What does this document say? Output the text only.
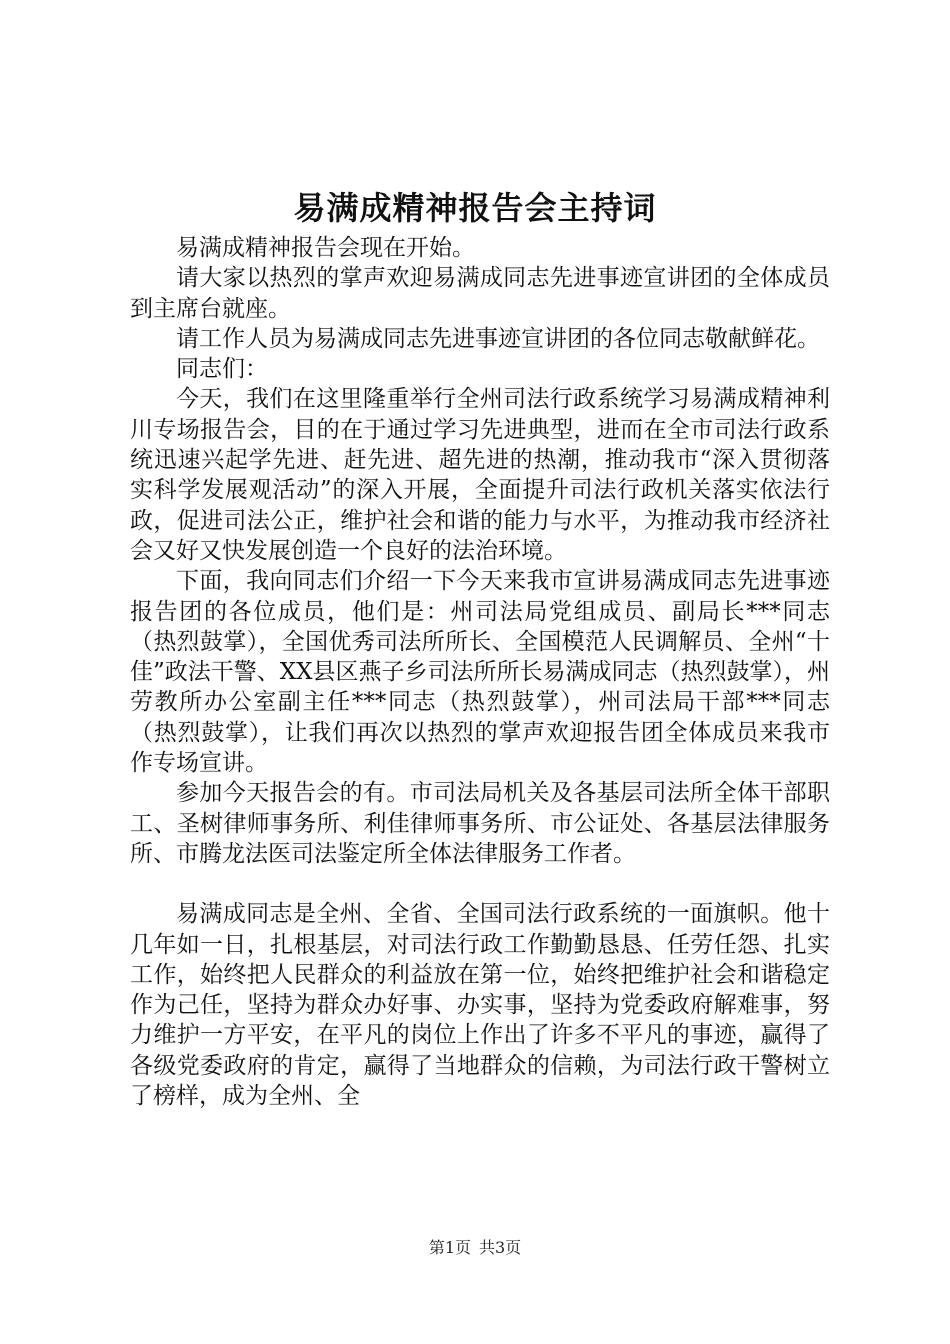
易满成精神报告会主持词

易满成精神报告会现在开始。

请大家以热烈的掌声欢迎易满成同志先进事迹宣讲团的全体成员到主席台就座。

请工作人员为易满成同志先进事迹宣讲团的各位同志敬献鲜花。

同志们：

今天，我们在这里隆重举行全州司法行政系统学习易满成精神利川专场报告会，目的在于通过学习先进典型，进而在全市司法行政系统迅速兴起学先进、赶先进、超先进的热潮，推动我市“深入贯彻落实科学发展观活动”的深入开展，全面提升司法行政机关落实依法行政，促进司法公正，维护社会和谐的能力与水平，为推动我市经济社会又好又快发展创造一个良好的法治环境。

下面，我向同志们介绍一下今天来我市宣讲易满成同志先进事迹报告团的各位成员，他们是：州司法局党组成员、副局长***同志（热烈鼓掌），全国优秀司法所所长、全国模范人民调解员、全州“十佳”政法干警、XX县区燕子乡司法所所长易满成同志（热烈鼓掌），州劳教所办公室副主任***同志（热烈鼓掌），州司法局干部***同志（热烈鼓掌），让我们再次以热烈的掌声欢迎报告团全体成员来我市作专场宣讲。

参加今天报告会的有。市司法局机关及各基层司法所全体干部职工、圣树律师事务所、利佳律师事务所、市公证处、各基层法律服务所、市腾龙法医司法鉴定所全体法律服务工作者。

易满成同志是全州、全省、全国司法行政系统的一面旗帜。他十几年如一日，扎根基层，对司法行政工作勤勤恳恳、任劳任怨、扎实工作，始终把人民群众的利益放在第一位，始终把维护社会和谐稳定作为己任，坚持为群众办好事、办实事，坚持为党委政府解难事，努力维护一方平安，在平凡的岗位上作出了许多不平凡的事迹，赢得了各级党委政府的肯定，赢得了当地群众的信赖，为司法行政干警树立了榜样，成为全州、全

第1页 共3页
